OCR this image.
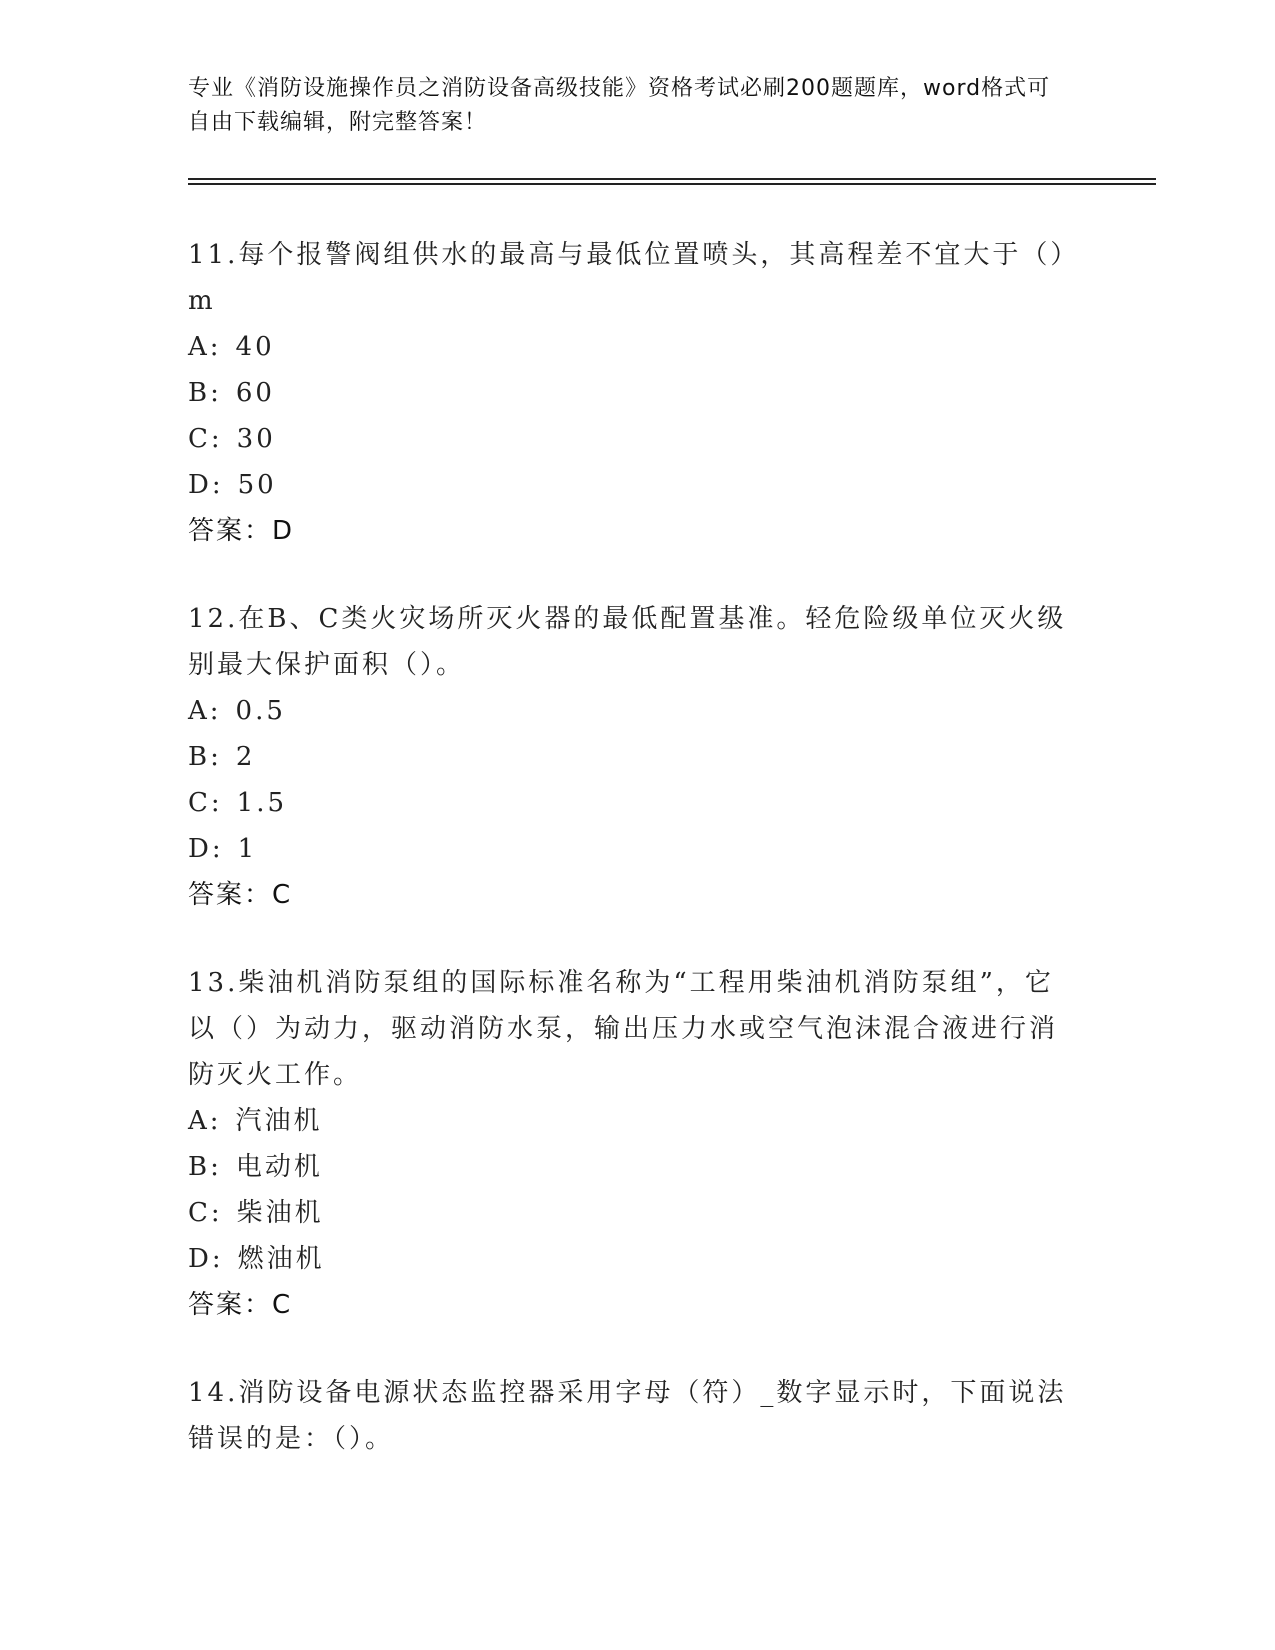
专业《消防设施操作员之消防设备高级技能》资格考试必刷200题题库，word格式可自由下载编辑，附完整答案！

11.每个报警阀组供水的最高与最低位置喷头，其高程差不宜大于（）m

A: 40
B: 60
C: 30
D: 50
答案：D

12.在B、C类火灾场所灭火器的最低配置基准。轻危险级单位灭火级别最大保护面积（）。

A: 0.5
B: 2
C: 1.5
D: 1
答案：C

13.柴油机消防泵组的国际标准名称为“工程用柴油机消防泵组”，它以（）为动力，驱动消防水泵，输出压力水或空气泡沫混合液进行消防灭火工作。

A: 汽油机
B: 电动机
C: 柴油机
D: 燃油机
答案：C

14.消防设备电源状态监控器采用字母（符）_数字显示时，下面说法错误的是：（）。
